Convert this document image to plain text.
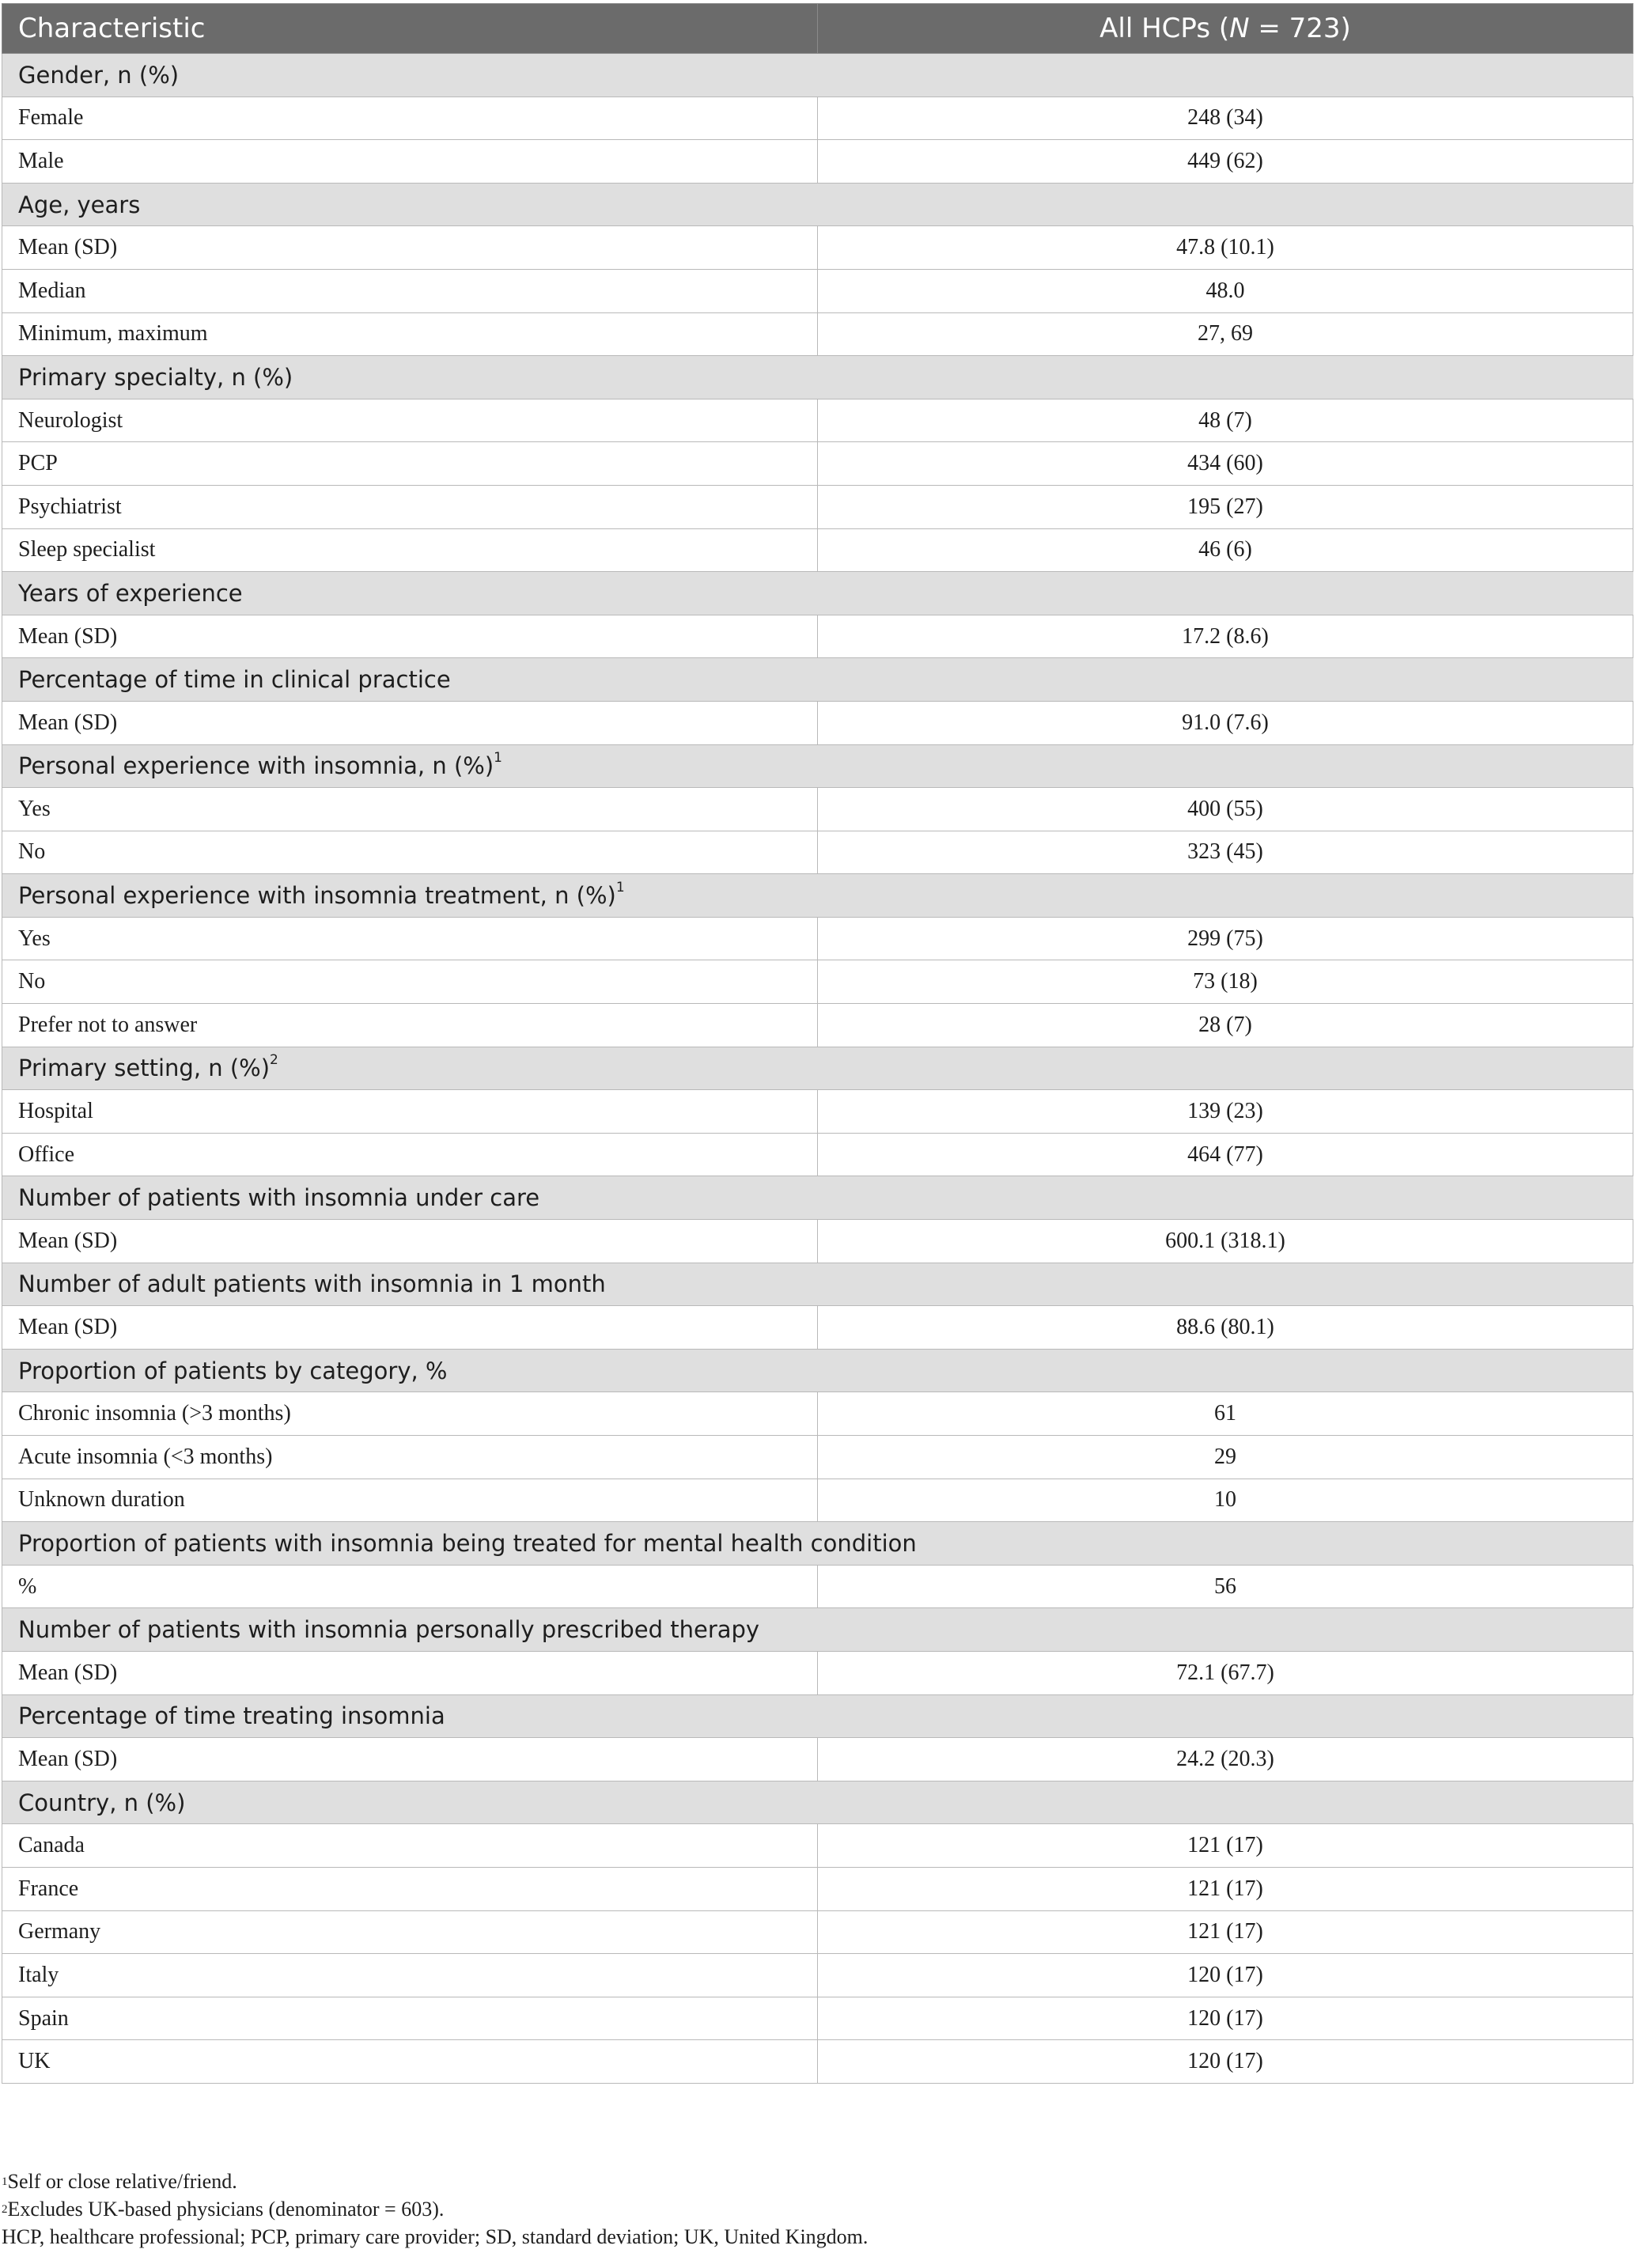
Characteristic	All HCPs (N = 723)
Gender, n (%)	
Female	248 (34)
Male	449 (62)
Age, years	
Mean (SD)	47.8 (10.1)
Median	48.0
Minimum, maximum	27, 69
Primary specialty, n (%)	
Neurologist	48 (7)
PCP	434 (60)
Psychiatrist	195 (27)
Sleep specialist	46 (6)
Years of experience	
Mean (SD)	17.2 (8.6)
Percentage of time in clinical practice	
Mean (SD)	91.0 (7.6)
Personal experience with insomnia, n (%)$^1$
Yes	400 (55)
No	323 (45)
Personal experience with insomnia treatment, n (%)$^1$
Yes	299 (75)
No	73 (18)
Prefer not to answer	28 (7)
Primary setting, n (%)$^2$
Hospital	139 (23)
Office	464 (77)
Number of patients with insomnia under care	
Mean (SD)	600.1 (318.1)
Number of adult patients with insomnia in 1 month	
Mean (SD)	88.6 (80.1)
Proportion of patients by category, %	
Chronic insomnia (>3 months)	61
Acute insomnia (<3 months)	29
Unknown duration	10
Proportion of patients with insomnia being treated for mental health condition	
%	56
Number of patients with insomnia personally prescribed therapy	
Mean (SD)	72.1 (67.7)
Percentage of time treating insomnia	
Mean (SD)	24.2 (20.3)
Country, n (%)	
Canada	121 (17)
France	121 (17)
Germany	121 (17)
Italy	120 (17)
Spain	120 (17)
UK	120 (17)

$^1$Self or close relative/friend.

$^2$Excludes UK-based physicians (denominator = 603).

HCP, healthcare professional; PCP, primary care provider; SD, standard deviation; UK, United Kingdom.
